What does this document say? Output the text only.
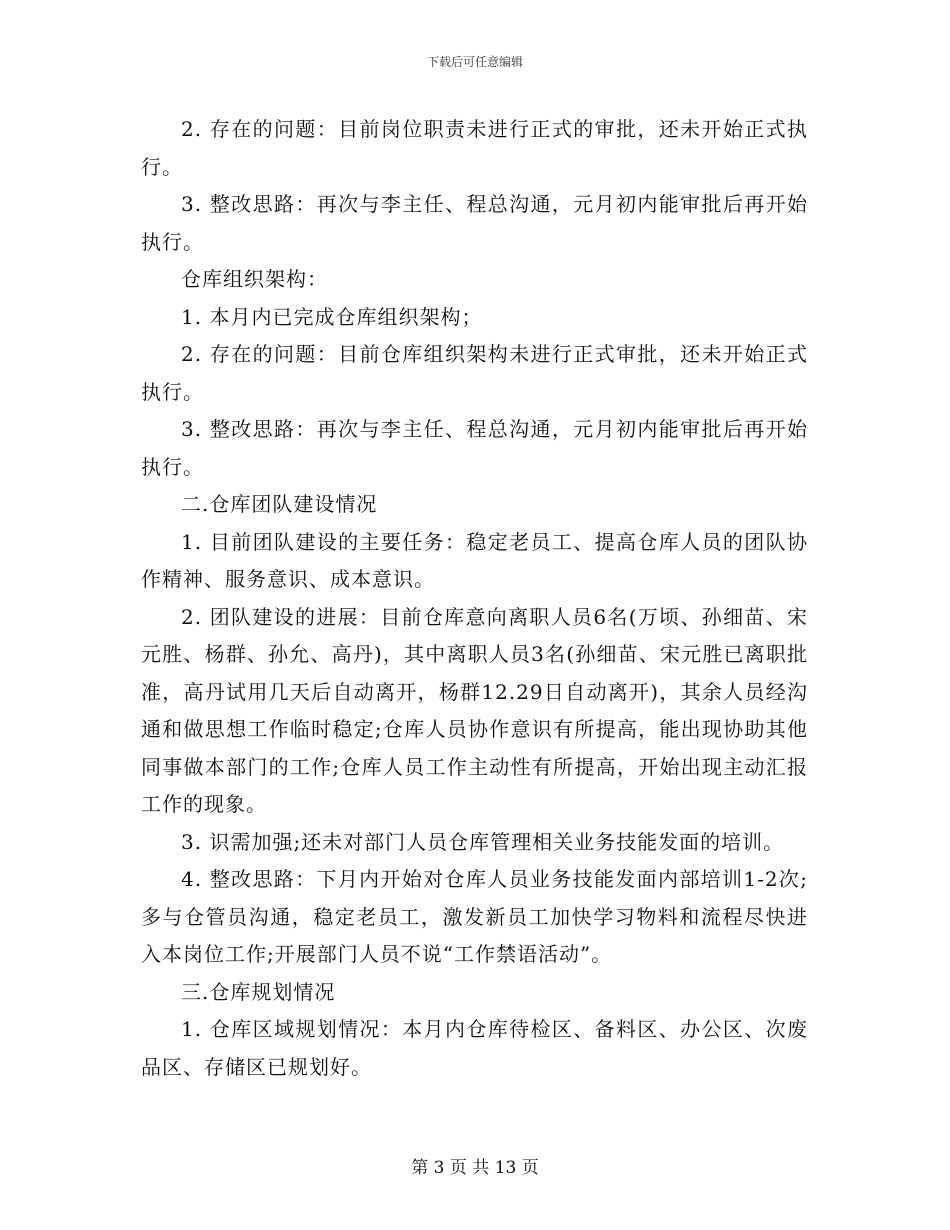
下载后可任意编辑

2. 存在的问题：目前岗位职责未进行正式的审批，还未开始正式执行。

3. 整改思路：再次与李主任、程总沟通，元月初内能审批后再开始执行。

仓库组织架构：

1. 本月内已完成仓库组织架构；

2. 存在的问题：目前仓库组织架构未进行正式审批，还未开始正式执行。

3. 整改思路：再次与李主任、程总沟通，元月初内能审批后再开始执行。

二.仓库团队建设情况

1. 目前团队建设的主要任务：稳定老员工、提高仓库人员的团队协作精神、服务意识、成本意识。

2. 团队建设的进展：目前仓库意向离职人员6名(万顷、孙细苗、宋元胜、杨群、孙允、高丹)，其中离职人员3名(孙细苗、宋元胜已离职批准，高丹试用几天后自动离开，杨群12.29日自动离开)，其余人员经沟通和做思想工作临时稳定;仓库人员协作意识有所提高，能出现协助其他同事做本部门的工作;仓库人员工作主动性有所提高，开始出现主动汇报工作的现象。

3. 识需加强;还未对部门人员仓库管理相关业务技能发面的培训。

4. 整改思路：下月内开始对仓库人员业务技能发面内部培训1-2次;多与仓管员沟通，稳定老员工，激发新员工加快学习物料和流程尽快进入本岗位工作;开展部门人员不说“工作禁语活动”。

三.仓库规划情况

1. 仓库区域规划情况：本月内仓库待检区、备料区、办公区、次废品区、存储区已规划好。

第 3 页 共 13 页
